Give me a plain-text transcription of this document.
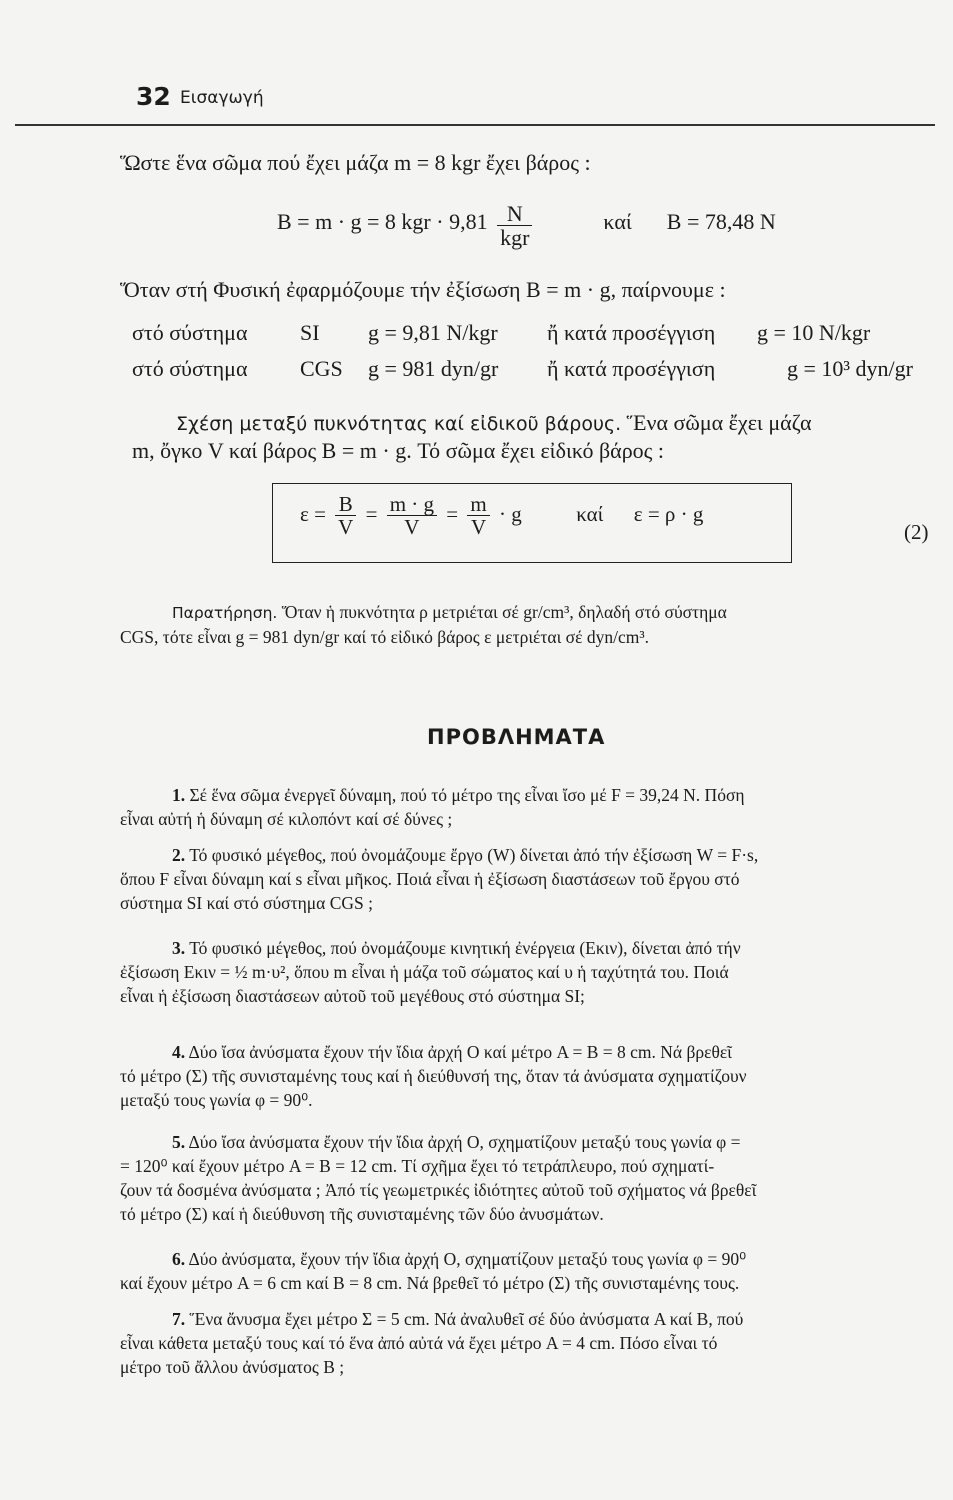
32 Εισαγωγή
Ὥστε ἕνα σῶμα πού ἔχει μάζα m = 8 kgr ἔχει βάρος :
B = m · g = 8 kgr · $9,81 \frac{N}{\text{kgr}}$	καί B = 78,48 N
Ὅταν στή Φυσική ἐφαρμόζουμε τήν ἐξίσωση B = m · g, παίρνουμε :
στό σύστημα SI g = 9,81 N/kgr ἤ κατά προσέγγιση g = 10 N/kgr
στό σύστημα CGS g = 981 dyn/gr ἤ κατά προσέγγιση	g = 10³ dyn/gr
Σχέση μεταξύ πυκνότητας καί εἰδικοῦ βάρους. Ἕνα σῶμα ἔχει μάζα
m, ὄγκο V καί βάρος B = m · g. Τό σῶμα ἔχει εἰδικό βάρος :
$\varepsilon = \frac{B}{V} = \frac{m \cdot g}{V} = \frac{m}{V} \cdot g$	καί ε = ρ · g
(2)
Παρατήρηση. Ὅταν ἡ πυκνότητα ρ μετριέται σέ gr/cm³, δηλαδή στό σύστημα
CGS, τότε εἶναι g = 981 dyn/gr καί τό εἰδικό βάρος ε μετριέται σέ dyn/cm³.
ΠΡΟΒΛΗΜΑΤΑ
1. Σέ ἕνα σῶμα ἐνεργεῖ δύναμη, πού τό μέτρο της εἶναι ἴσο μέ F = 39,24 N. Πόση
εἶναι αὐτή ἡ δύναμη σέ κιλοπόντ καί σέ δύνες ;
2. Τό φυσικό μέγεθος, πού ὀνομάζουμε ἔργο (W) δίνεται ἀπό τήν ἐξίσωση W = F·s,
ὅπου F εἶναι δύναμη καί s εἶναι μῆκος. Ποιά εἶναι ἡ ἐξίσωση διαστάσεων τοῦ ἔργου στό
σύστημα SI καί στό σύστημα CGS ;
3. Τό φυσικό μέγεθος, πού ὀνομάζουμε κινητική ἐνέργεια (Eκιν), δίνεται ἀπό τήν
ἐξίσωση Eκιν = ½ m·υ², ὅπου m εἶναι ἡ μάζα τοῦ σώματος καί υ ἡ ταχύτητά του. Ποιά
εἶναι ἡ ἐξίσωση διαστάσεων αὐτοῦ τοῦ μεγέθους στό σύστημα SI;
4. Δύο ἴσα ἀνύσματα ἔχουν τήν ἴδια ἀρχή O καί μέτρο A = B = 8 cm. Νά βρεθεῖ
τό μέτρο (Σ) τῆς συνισταμένης τους καί ἡ διεύθυνσή της, ὅταν τά ἀνύσματα σχηματίζουν
μεταξύ τους γωνία φ = 90⁰.
5. Δύο ἴσα ἀνύσματα ἔχουν τήν ἴδια ἀρχή O, σχηματίζουν μεταξύ τους γωνία φ =
= 120⁰ καί ἔχουν μέτρο A = B = 12 cm. Τί σχῆμα ἔχει τό τετράπλευρο, πού σχηματί-
ζουν τά δοσμένα ἀνύσματα ; Ἀπό τίς γεωμετρικές ἰδιότητες αὐτοῦ τοῦ σχήματος νά βρεθεῖ
τό μέτρο (Σ) καί ἡ διεύθυνση τῆς συνισταμένης τῶν δύο ἀνυσμάτων.
6. Δύο ἀνύσματα, ἔχουν τήν ἴδια ἀρχή O, σχηματίζουν μεταξύ τους γωνία φ = 90⁰
καί ἔχουν μέτρο A = 6 cm καί B = 8 cm. Νά βρεθεῖ τό μέτρο (Σ) τῆς συνισταμένης τους.
7. Ἕνα ἄνυσμα ἔχει μέτρο Σ = 5 cm. Νά ἀναλυθεῖ σέ δύο ἀνύσματα A καί B, πού
εἶναι κάθετα μεταξύ τους καί τό ἕνα ἀπό αὐτά νά ἔχει μέτρο A = 4 cm. Πόσο εἶναι τό
μέτρο τοῦ ἄλλου ἀνύσματος B ;
